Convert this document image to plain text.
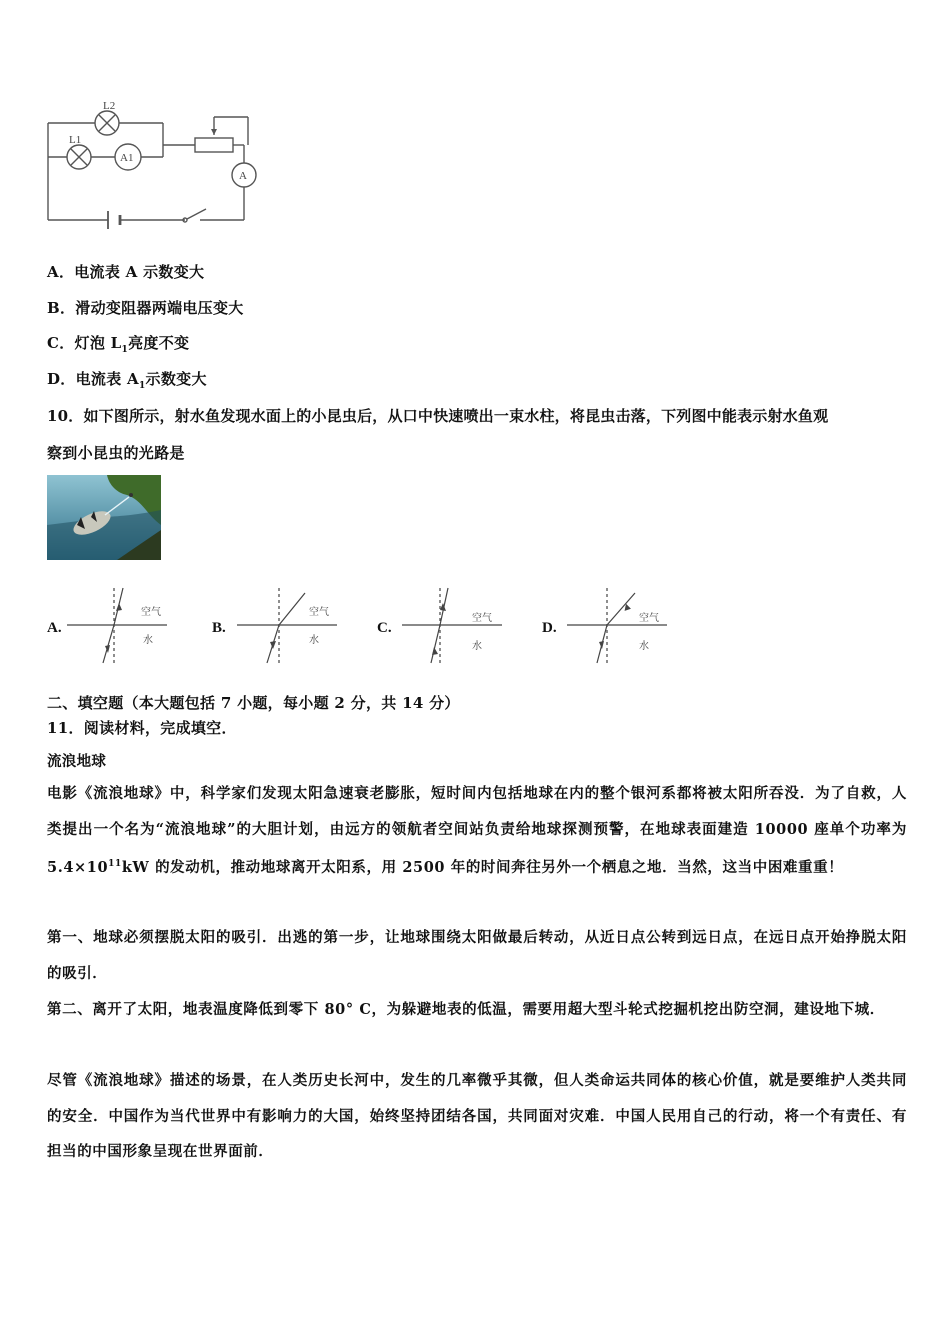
L2
L1
A1
A
A．电流表 A 示数变大
B．滑动变阻器两端电压变大
C．灯泡 $L_1$亮度不变
D．电流表 $A_1$示数变大
10．如下图所示，射水鱼发现水面上的小昆虫后，从口中快速喷出一束水柱，将昆虫击落，下列图中能表示射水鱼观
察到小昆虫的光路是
A.
空气
水
B.
空气
水
C.
空气
水
D.
空气
水
二、填空题（本大题包括 7 小题，每小题 2 分，共 14 分）
11．阅读材料，完成填空．
流浪地球
电影《流浪地球》中，科学家们发现太阳急速衰老膨胀，短时间内包括地球在内的整个银河系都将被太阳所吞没．为了自救，人类提出一个名为“流浪地球”的大胆计划，由远方的领航者空间站负责给地球探测预警，在地球表面建造 10000 座单个功率为 $5.4\times 10^{11}kW$ 的发动机，推动地球离开太阳系，用 2500 年的时间奔往另外一个栖息之地．当然，这当中困难重重！
第一、地球必须摆脱太阳的吸引．出逃的第一步，让地球围绕太阳做最后转动，从近日点公转到远日点，在远日点开始挣脱太阳的吸引．
第二、离开了太阳，地表温度降低到零下 80° C，为躲避地表的低温，需要用超大型斗轮式挖掘机挖出防空洞，建设地下城．
尽管《流浪地球》描述的场景，在人类历史长河中，发生的几率微乎其微，但人类命运共同体的核心价值，就是要维护人类共同的安全．中国作为当代世界中有影响力的大国，始终坚持团结各国，共同面对灾难．中国人民用自己的行动，将一个有责任、有担当的中国形象呈现在世界面前．
